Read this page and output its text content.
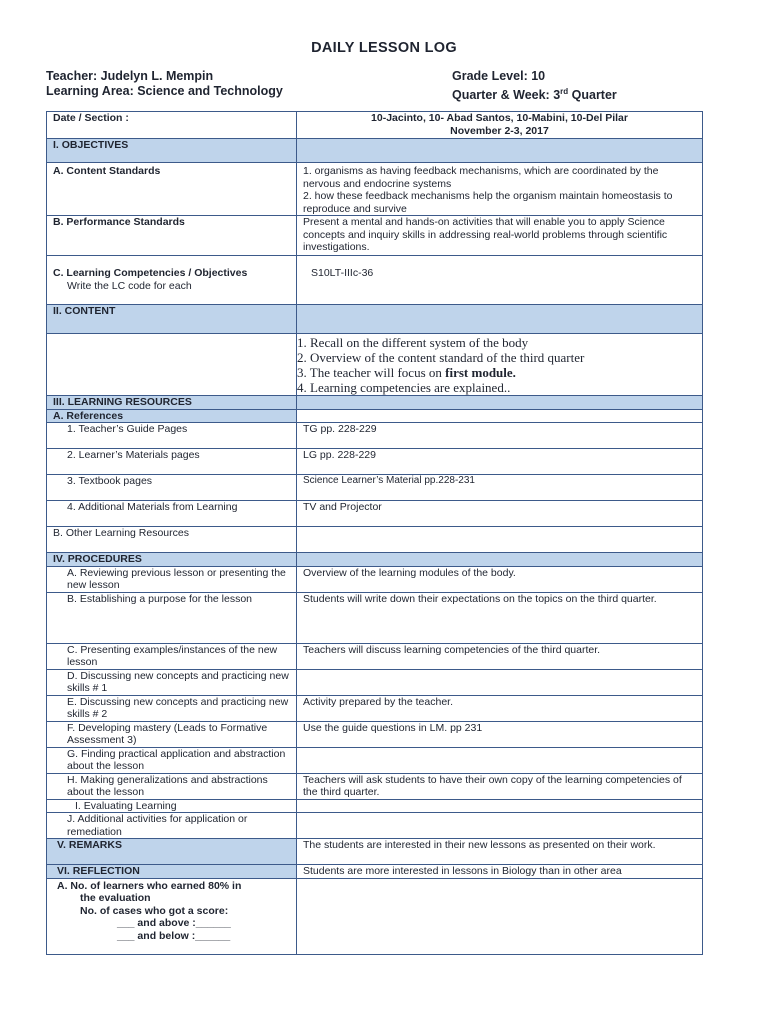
DAILY LESSON LOG
Teacher: Judelyn L. Mempin
Learning Area: Science and Technology
Grade Level: 10
Quarter & Week: 3rd Quarter
Date / Section :	10-Jacinto, 10- Abad Santos, 10-Mabini, 10-Del Pilar
November 2-3, 2017

I. OBJECTIVES	
A. Content Standards	1. organisms as having feedback mechanisms, which are coordinated by the nervous and endocrine systems
2. how these feedback mechanisms help the organism maintain homeostasis to reproduce and survive

B. Performance Standards	Present a mental and hands-on activities that will enable you to apply Science concepts and inquiry skills in addressing real-world problems through scientific investigations.

C. Learning Competencies / Objectives
Write the LC code for each	S10LT-IIIc-36
II. CONTENT	

	1. Recall on the different system of the body
2. Overview of the content standard of the third quarter
3. The teacher will focus on first module.
4. Learning competencies are explained..

III. LEARNING RESOURCES	
A. References	

1. Teacher’s Guide Pages	TG pp. 228-229

2. Learner’s Materials pages	LG pp. 228-229

3. Textbook pages	Science Learner’s Material pp.228-231

4. Additional Materials from Learning	TV and Projector
B. Other Learning Resources	
IV. PROCEDURES	

A. Reviewing previous lesson or presenting the new lesson	Overview of the learning modules of the body.

B. Establishing a purpose for the lesson	Students will write down their expectations on the topics on the third quarter.

C. Presenting examples/instances of the new lesson	Teachers will discuss learning competencies of the third quarter.

D. Discussing new concepts and practicing new skills # 1	

E. Discussing new concepts and practicing new skills # 2	Activity prepared by the teacher.

F. Developing mastery (Leads to Formative Assessment 3)	Use the guide questions in LM. pp 231

G. Finding practical application and abstraction about the lesson	

H. Making generalizations and abstractions about the lesson	Teachers will ask students to have their own copy of the learning competencies of the third quarter.

I. Evaluating Learning	

J. Additional activities for application or remediation	

V. REMARKS	The students are interested in their new lessons as presented on their work.

VI. REFLECTION	Students are more interested in lessons in Biology than in other area

A. No. of learners who earned 80% in
the evaluation
No. of cases who got a score:
___ and above :______
___ and below :______	
